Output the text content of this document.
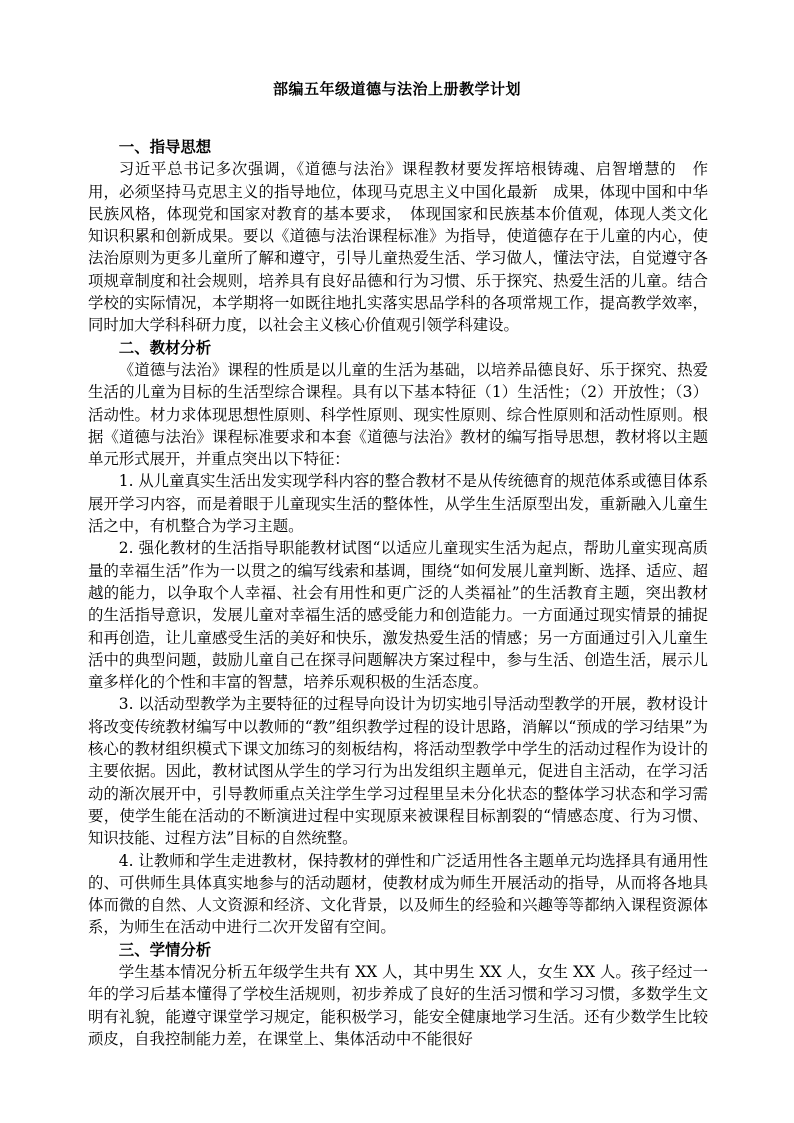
部编五年级道德与法治上册教学计划

一、指导思想

习近平总书记多次强调，《道德与法治》课程教材要发挥培根铸魂、启智增慧的　作用，必须坚持马克思主义的指导地位，体现马克思主义中国化最新　成果，体现中国和中华民族风格，体现党和国家对教育的基本要求，　体现国家和民族基本价值观，体现人类文化知识积累和创新成果。要以《道德与法治课程标准》为指导，使道德存在于儿童的内心，使法治原则为更多儿童所了解和遵守，引导儿童热爱生活、学习做人，懂法守法，自觉遵守各项规章制度和社会规则，培养具有良好品德和行为习惯、乐于探究、热爱生活的儿童。结合学校的实际情况，本学期将一如既往地扎实落实思品学科的各项常规工作，提高教学效率，同时加大学科科研力度，以社会主义核心价值观引领学科建设。

二、教材分析

《道德与法治》课程的性质是以儿童的生活为基础，以培养品德良好、乐于探究、热爱生活的儿童为目标的生活型综合课程。具有以下基本特征（1）生活性；（2）开放性；（3）活动性。材力求体现思想性原则、科学性原则、现实性原则、综合性原则和活动性原则。根据《道德与法治》课程标准要求和本套《道德与法治》教材的编写指导思想，教材将以主题单元形式展开，并重点突出以下特征：

1. 从儿童真实生活出发实现学科内容的整合教材不是从传统德育的规范体系或德目体系展开学习内容，而是着眼于儿童现实生活的整体性，从学生生活原型出发，重新融入儿童生活之中，有机整合为学习主题。

2. 强化教材的生活指导职能教材试图“以适应儿童现实生活为起点，帮助儿童实现高质量的幸福生活”作为一以贯之的编写线索和基调，围绕“如何发展儿童判断、选择、适应、超越的能力，以争取个人幸福、社会有用性和更广泛的人类福祉”的生活教育主题，突出教材的生活指导意识，发展儿童对幸福生活的感受能力和创造能力。一方面通过现实情景的捕捉和再创造，让儿童感受生活的美好和快乐，激发热爱生活的情感；另一方面通过引入儿童生活中的典型问题，鼓励儿童自己在探寻问题解决方案过程中，参与生活、创造生活，展示儿童多样化的个性和丰富的智慧，培养乐观积极的生活态度。

3. 以活动型教学为主要特征的过程导向设计为切实地引导活动型教学的开展，教材设计将改变传统教材编写中以教师的“教”组织教学过程的设计思路，消解以“预成的学习结果”为核心的教材组织模式下课文加练习的刻板结构，将活动型教学中学生的活动过程作为设计的主要依据。因此，教材试图从学生的学习行为出发组织主题单元，促进自主活动，在学习活动的渐次展开中，引导教师重点关注学生学习过程里呈未分化状态的整体学习状态和学习需要，使学生能在活动的不断演进过程中实现原来被课程目标割裂的“情感态度、行为习惯、知识技能、过程方法”目标的自然统整。

4. 让教师和学生走进教材，保持教材的弹性和广泛适用性各主题单元均选择具有通用性的、可供师生具体真实地参与的活动题材，使教材成为师生开展活动的指导，从而将各地具体而微的自然、人文资源和经济、文化背景，以及师生的经验和兴趣等等都纳入课程资源体系，为师生在活动中进行二次开发留有空间。

三、学情分析

学生基本情况分析五年级学生共有 XX 人，其中男生 XX 人，女生 XX 人。孩子经过一年的学习后基本懂得了学校生活规则，初步养成了良好的生活习惯和学习习惯，多数学生文明有礼貌，能遵守课堂学习规定，能积极学习，能安全健康地学习生活。还有少数学生比较顽皮，自我控制能力差，在课堂上、集体活动中不能很好
